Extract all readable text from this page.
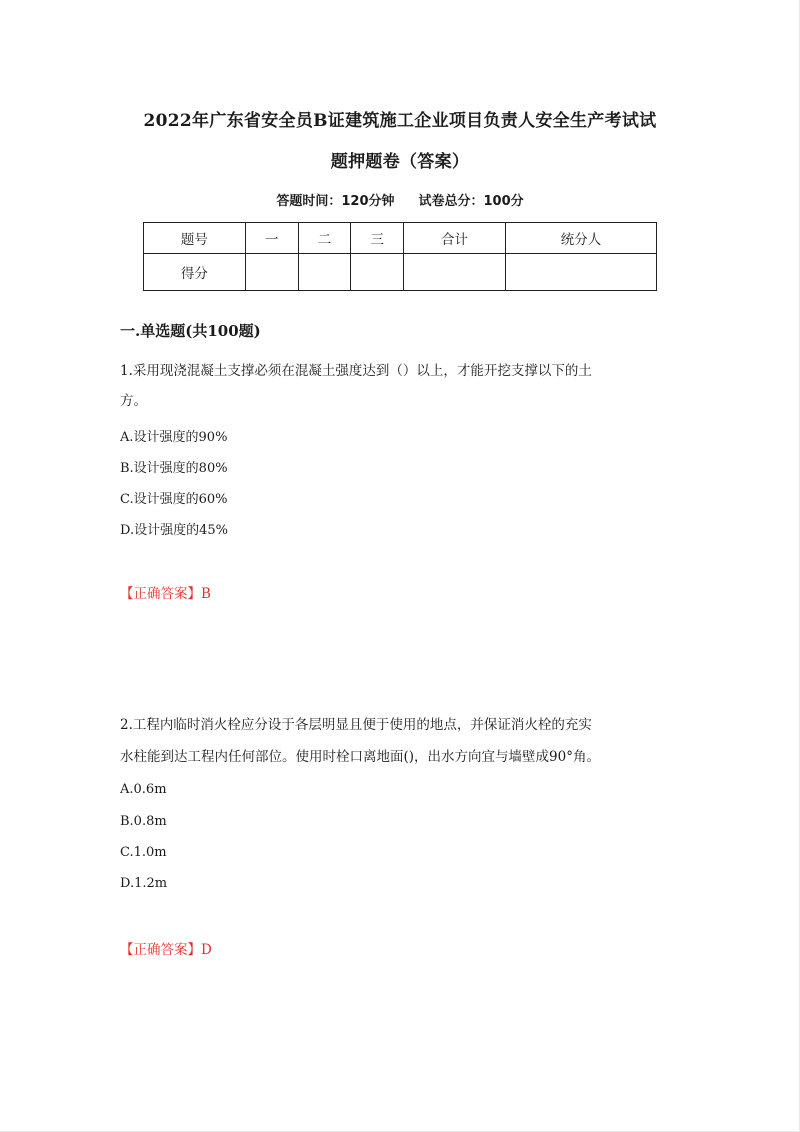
2022年广东省安全员B证建筑施工企业项目负责人安全生产考试试
题押题卷（答案）
答题时间：120分钟 试卷总分：100分
题号	一	二	三	合计	统分人
得分					
一.单选题(共100题)
1.采用现浇混凝土支撑必须在混凝土强度达到（）以上，才能开挖支撑以下的土
方。
A.设计强度的90%
B.设计强度的80%
C.设计强度的60%
D.设计强度的45%
【正确答案】B
2.工程内临时消火栓应分设于各层明显且便于使用的地点，并保证消火栓的充实
水柱能到达工程内任何部位。使用时栓口离地面()，出水方向宜与墙壁成90°角。
A.0.6m
B.0.8m
C.1.0m
D.1.2m
【正确答案】D
